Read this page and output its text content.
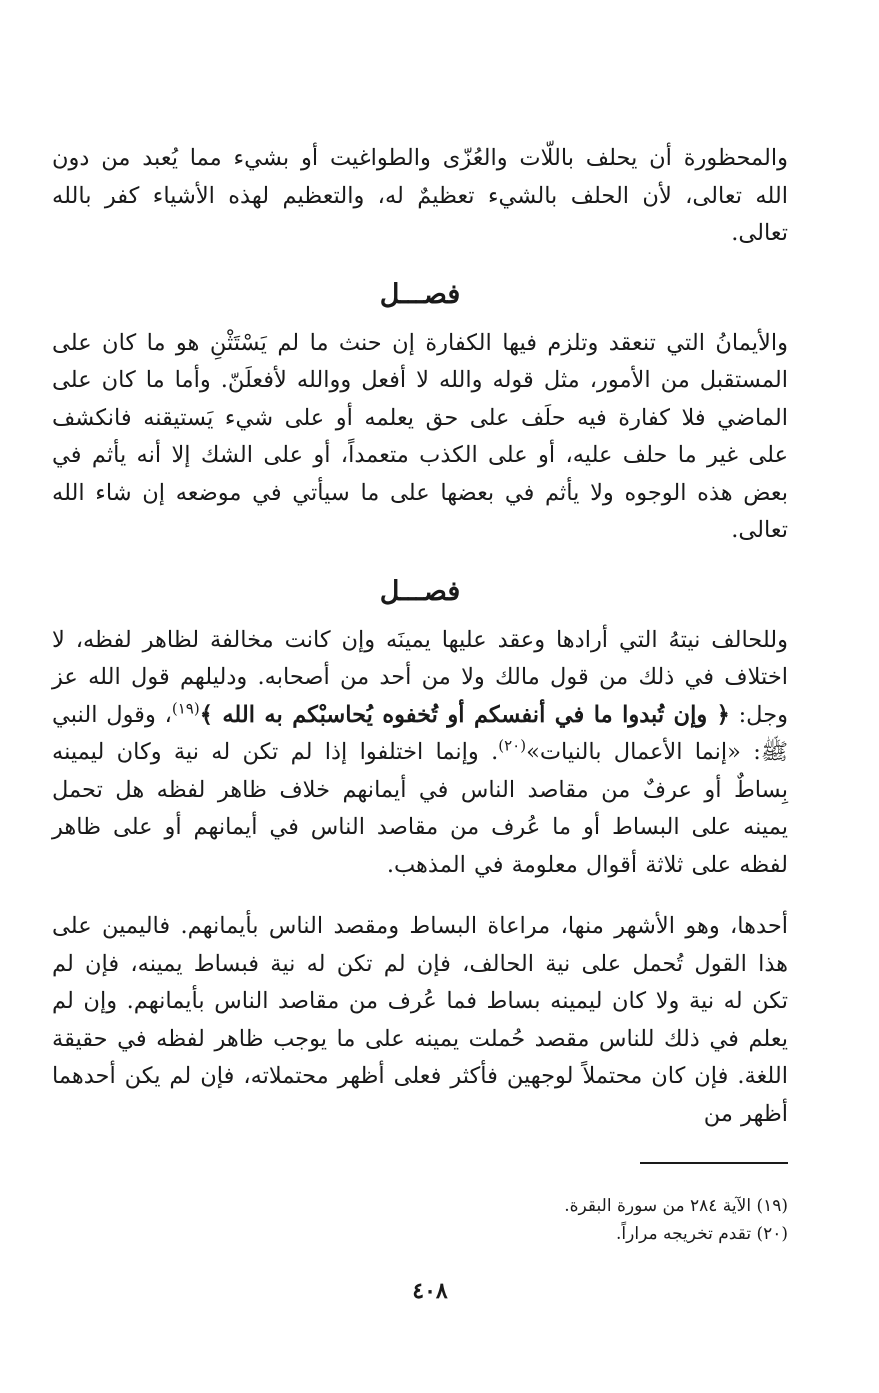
والمحظورة أن يحلف باللّات والعُزّى والطواغيت أو بشيء مما يُعبد من دون الله تعالى، لأن الحلف بالشيء تعظيمٌ له، والتعظيم لهذه الأشياء كفر بالله تعالى.

فصـــل

والأيمانُ التي تنعقد وتلزم فيها الكفارة إن حنث ما لم يَسْتَثْنِ هو ما كان على المستقبل من الأمور، مثل قوله والله لا أفعل ووالله لأفعلَنّ. وأما ما كان على الماضي فلا كفارة فيه حلَف على حق يعلمه أو على شيء يَستيقنه فانكشف على غير ما حلف عليه، أو على الكذب متعمداً، أو على الشك إلا أنه يأثم في بعض هذه الوجوه ولا يأثم في بعضها على ما سيأتي في موضعه إن شاء الله تعالى.

فصـــل

وللحالف نيتهُ التي أرادها وعقد عليها يمينَه وإن كانت مخالفة لظاهر لفظه، لا اختلاف في ذلك من قول مالك ولا من أحد من أصحابه. ودليلهم قول الله عز وجل: ﴿ وإن تُبدوا ما في أنفسكم أو تُخفوه يُحاسبْكم به الله ﴾$^{(١٩)}$، وقول النبي ﷺ: «إنما الأعمال بالنيات»$^{(٢٠)}$. وإنما اختلفوا إذا لم تكن له نية وكان ليمينه بِساطٌ أو عرفٌ من مقاصد الناس في أيمانهم خلاف ظاهر لفظه هل تحمل يمينه على البساط أو ما عُرف من مقاصد الناس في أيمانهم أو على ظاهر لفظه على ثلاثة أقوال معلومة في المذهب.

أحدها، وهو الأشهر منها، مراعاة البساط ومقصد الناس بأيمانهم. فاليمين على هذا القول تُحمل على نية الحالف، فإن لم تكن له نية فبساط يمينه، فإن لم تكن له نية ولا كان ليمينه بساط فما عُرف من مقاصد الناس بأيمانهم. وإن لم يعلم في ذلك للناس مقصد حُملت يمينه على ما يوجب ظاهر لفظه في حقيقة اللغة. فإن كان محتملاً لوجهين فأكثر فعلى أظهر محتملاته، فإن لم يكن أحدهما أظهر من

(١٩) الآية ٢٨٤ من سورة البقرة.
(٢٠) تقدم تخريجه مراراً.
٤٠٨
